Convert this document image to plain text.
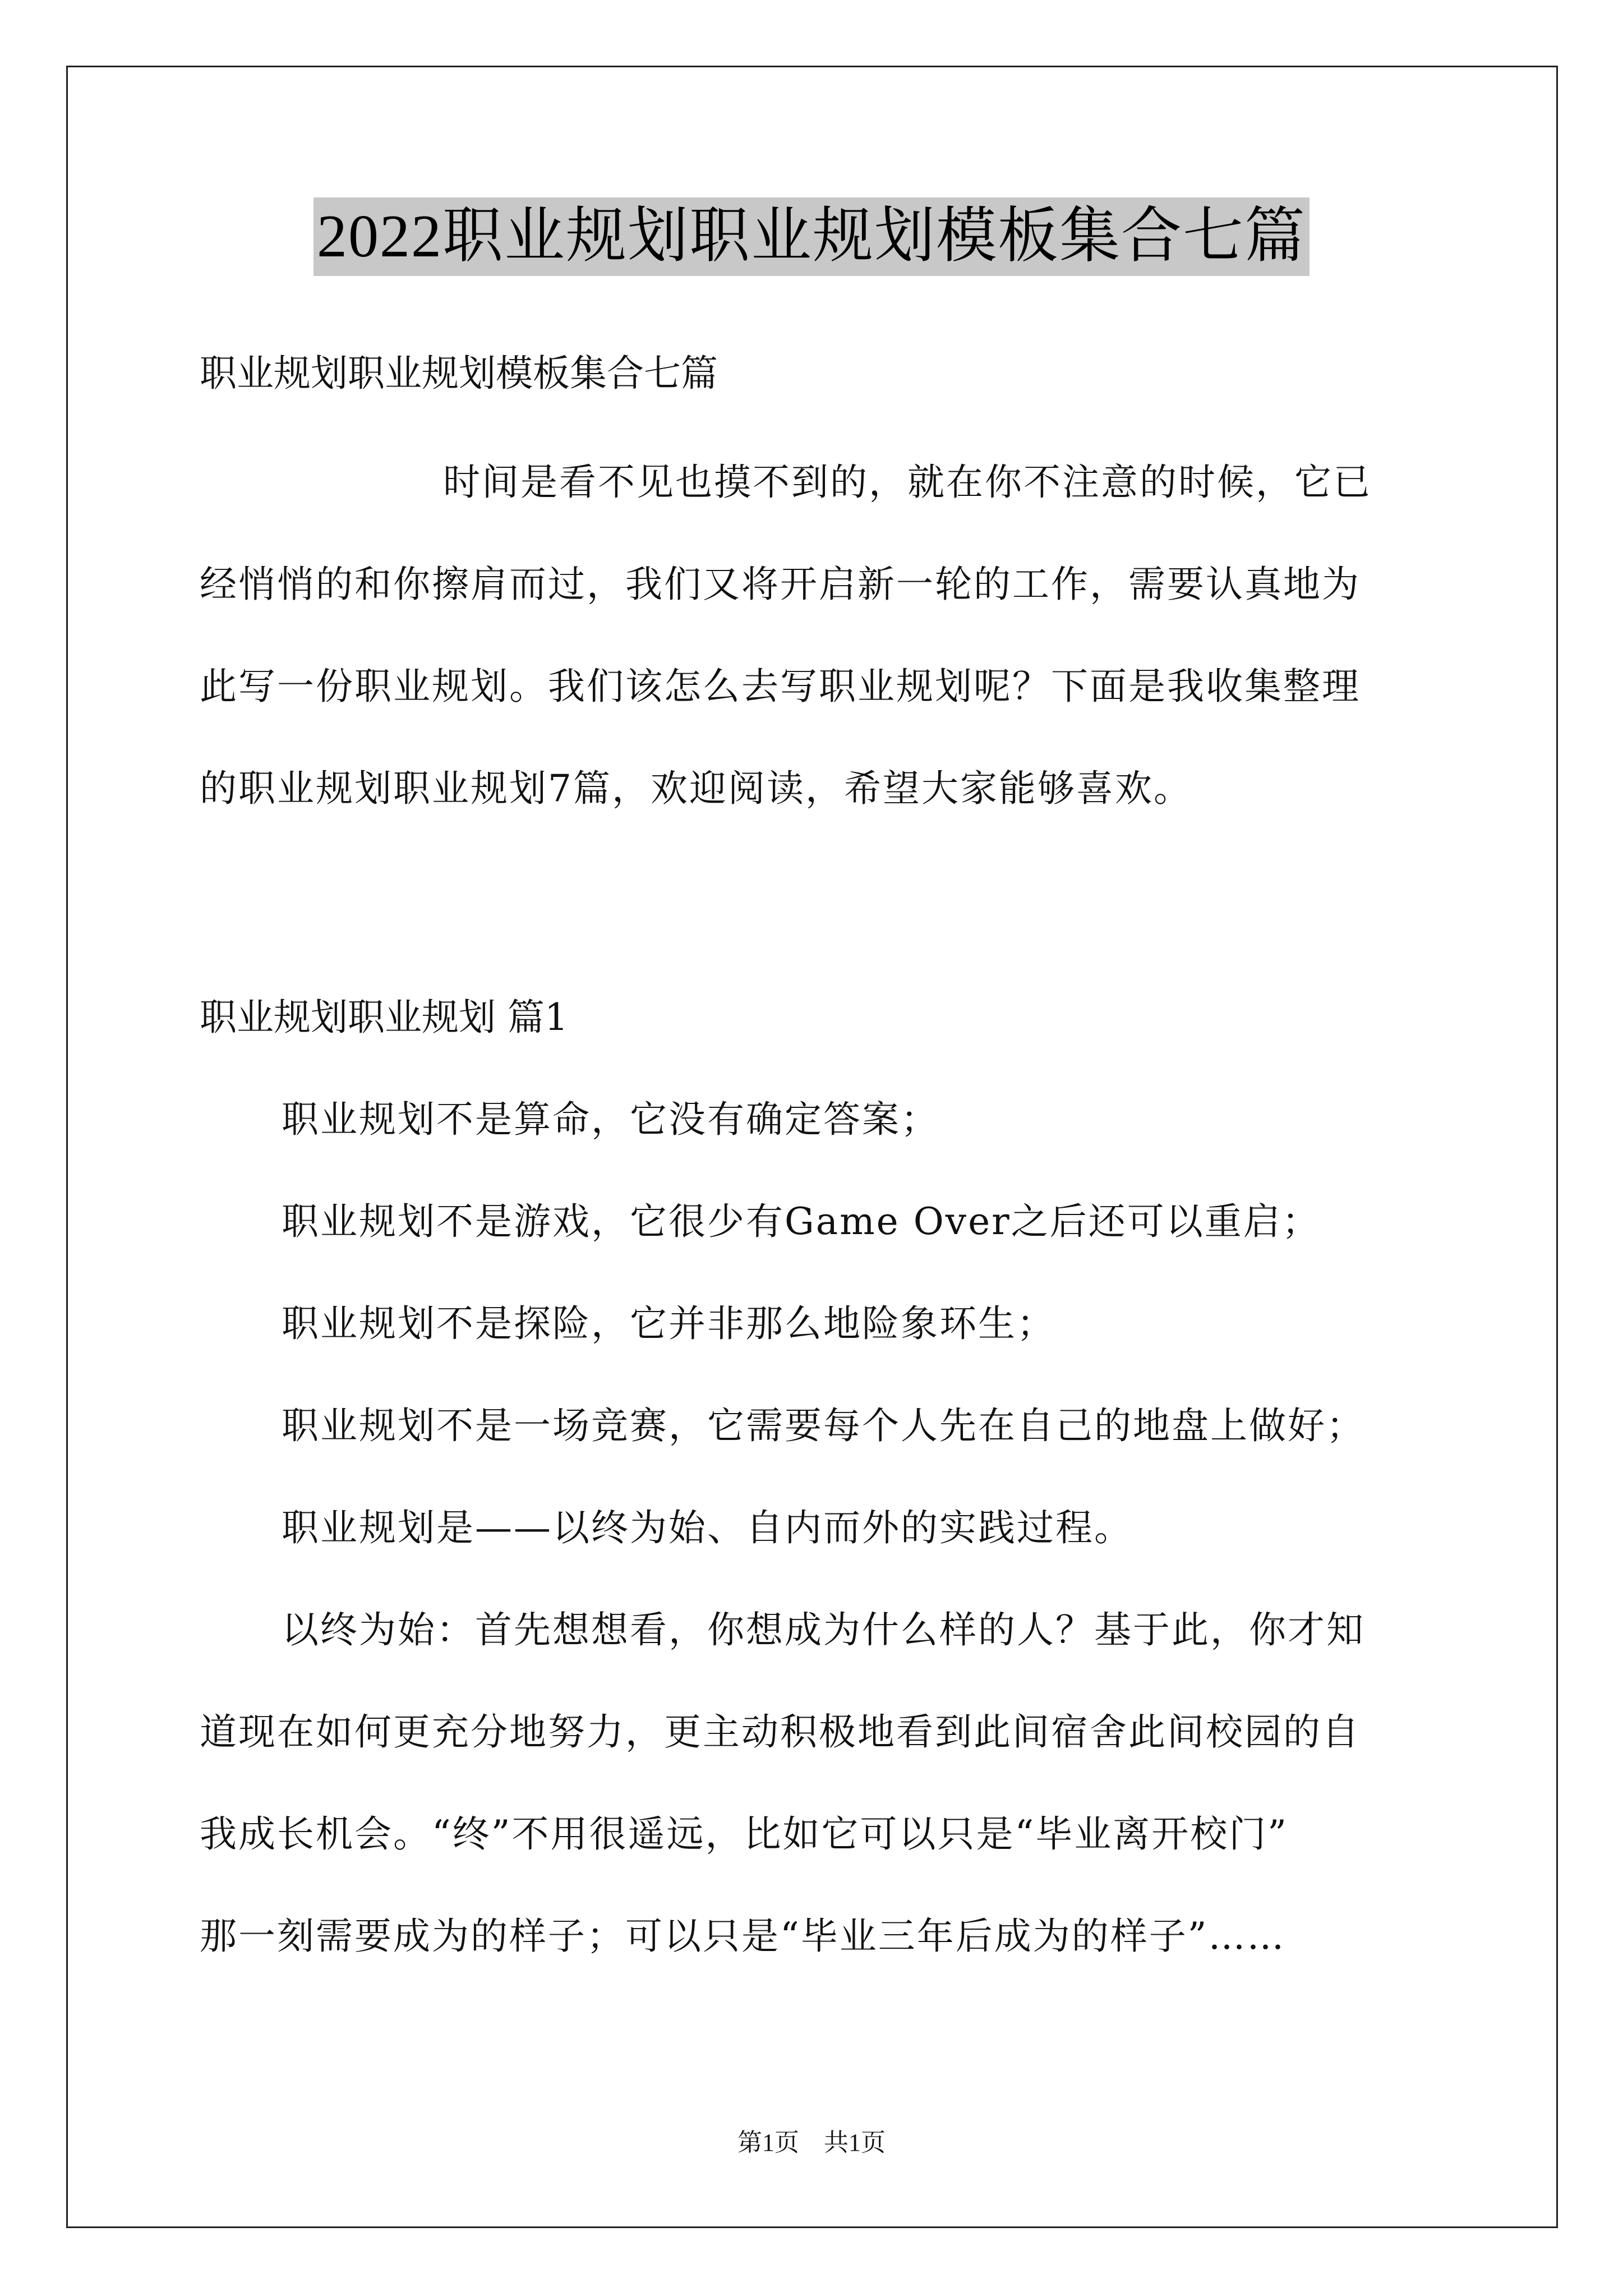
2022职业规划职业规划模板集合七篇
职业规划职业规划模板集合七篇
时间是看不见也摸不到的，就在你不注意的时候，它已
经悄悄的和你擦肩而过，我们又将开启新一轮的工作，需要认真地为
此写一份职业规划。我们该怎么去写职业规划呢？下面是我收集整理
的职业规划职业规划7篇，欢迎阅读，希望大家能够喜欢。
职业规划职业规划 篇1
职业规划不是算命，它没有确定答案；
职业规划不是游戏，它很少有Game Over之后还可以重启；
职业规划不是探险，它并非那么地险象环生；
职业规划不是一场竞赛，它需要每个人先在自己的地盘上做好；
职业规划是——以终为始、自内而外的实践过程。
以终为始：首先想想看，你想成为什么样的人？基于此，你才知
道现在如何更充分地努力，更主动积极地看到此间宿舍此间校园的自
我成长机会。“终”不用很遥远，比如它可以只是“毕业离开校门”
那一刻需要成为的样子；可以只是“毕业三年后成为的样子”……
第1页　共1页
